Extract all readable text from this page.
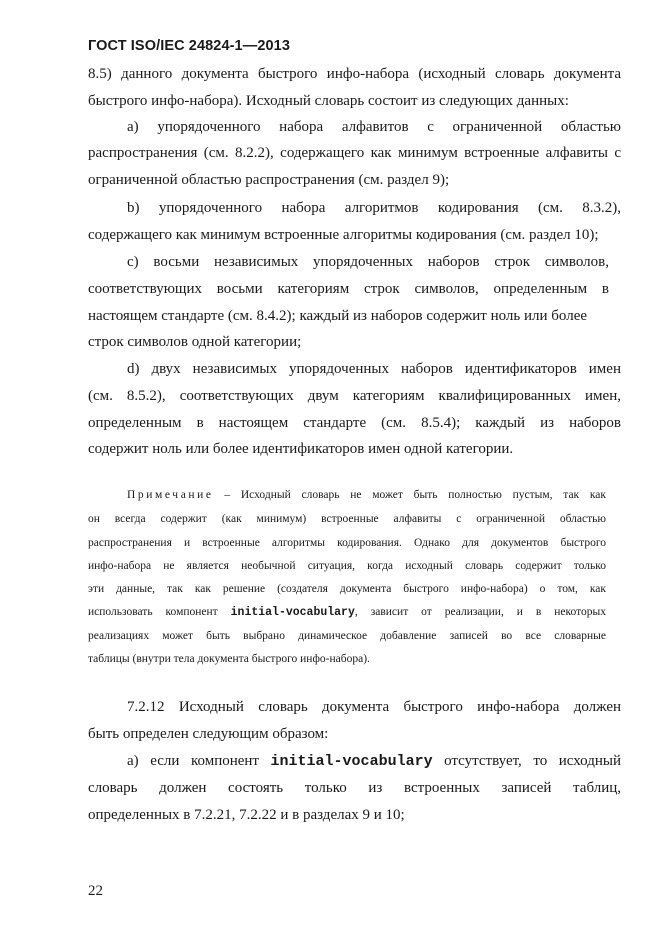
ГОСТ ISO/IEC 24824-1—2013
8.5) данного документа быстрого инфо-набора (исходный словарь документа
быстрого инфо-набора). Исходный словарь состоит из следующих данных:
а) упорядоченного набора алфавитов с ограниченной областью
распространения (см. 8.2.2), содержащего как минимум встроенные алфавиты с
ограниченной областью распространения (см. раздел 9);
b) упорядоченного набора алгоритмов кодирования (см. 8.3.2),
содержащего как минимум встроенные алгоритмы кодирования (см. раздел 10);
с) восьми независимых упорядоченных наборов строк символов,
соответствующих восьми категориям строк символов, определенным в
настоящем стандарте (см. 8.4.2); каждый из наборов содержит ноль или более
строк символов одной категории;
d) двух независимых упорядоченных наборов идентификаторов имен
(см. 8.5.2), соответствующих двум категориям квалифицированных имен,
определенным в настоящем стандарте (см. 8.5.4); каждый из наборов
содержит ноль или более идентификаторов имен одной категории.
Примечание – Исходный словарь не может быть полностью пустым, так как
он всегда содержит (как минимум) встроенные алфавиты с ограниченной областью
распространения и встроенные алгоритмы кодирования. Однако для документов быстрого
инфо-набора не является необычной ситуация, когда исходный словарь содержит только
эти данные, так как решение (создателя документа быстрого инфо-набора) о том, как
использовать компонент initial-vocabulary, зависит от реализации, и в некоторых
реализациях может быть выбрано динамическое добавление записей во все словарные
таблицы (внутри тела документа быстрого инфо-набора).
7.2.12 Исходный словарь документа быстрого инфо-набора должен
быть определен следующим образом:
а) если компонент initial-vocabulary отсутствует, то исходный
словарь должен состоять только из встроенных записей таблиц,
определенных в 7.2.21, 7.2.22 и в разделах 9 и 10;
22
